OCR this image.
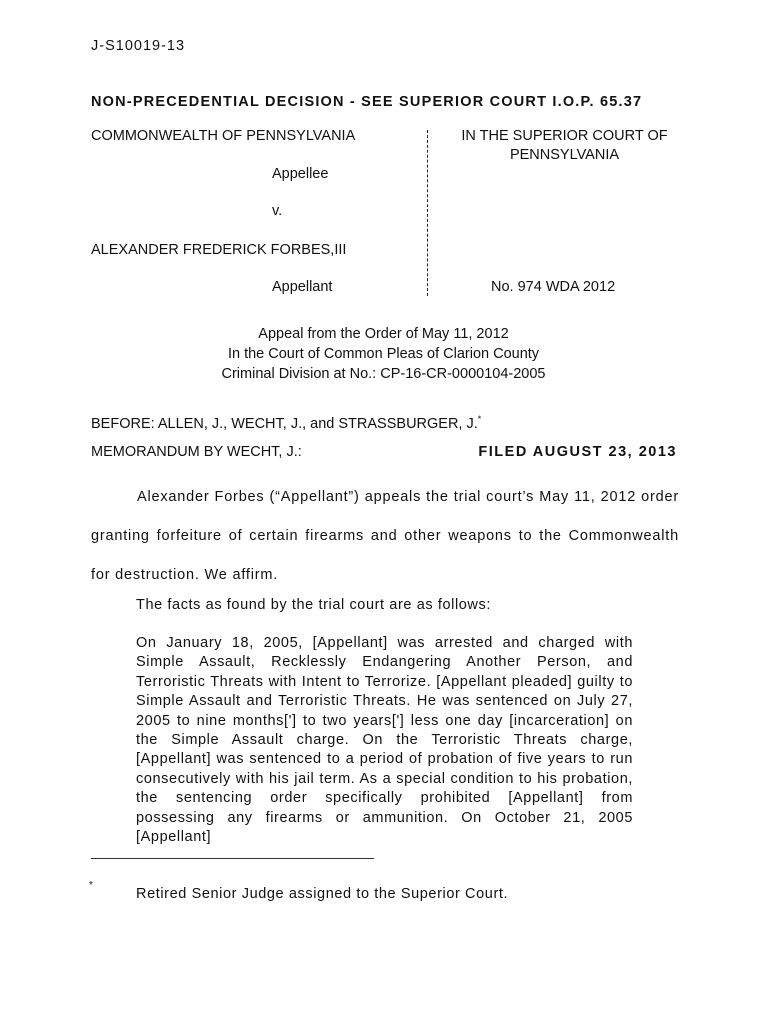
J-S10019-13
NON-PRECEDENTIAL DECISION - SEE SUPERIOR COURT I.O.P. 65.37
COMMONWEALTH OF PENNSYLVANIA
Appellee
v.
ALEXANDER FREDERICK FORBES,III
Appellant
IN THE SUPERIOR COURT OF PENNSYLVANIA
No. 974 WDA 2012
Appeal from the Order of May 11, 2012
In the Court of Common Pleas of Clarion County
Criminal Division at No.: CP-16-CR-0000104-2005
BEFORE: ALLEN, J., WECHT, J., and STRASSBURGER, J.*
MEMORANDUM BY WECHT, J.:	FILED AUGUST 23, 2013
Alexander Forbes (“Appellant”) appeals the trial court’s May 11, 2012 order granting forfeiture of certain firearms and other weapons to the Commonwealth for destruction. We affirm.
The facts as found by the trial court are as follows:
On January 18, 2005, [Appellant] was arrested and charged with Simple Assault, Recklessly Endangering Another Person, and Terroristic Threats with Intent to Terrorize. [Appellant pleaded] guilty to Simple Assault and Terroristic Threats. He was sentenced on July 27, 2005 to nine months['] to two years['] less one day [incarceration] on the Simple Assault charge. On the Terroristic Threats charge, [Appellant] was sentenced to a period of probation of five years to run consecutively with his jail term. As a special condition to his probation, the sentencing order specifically prohibited [Appellant] from possessing any firearms or ammunition. On October 21, 2005 [Appellant]
*
Retired Senior Judge assigned to the Superior Court.
